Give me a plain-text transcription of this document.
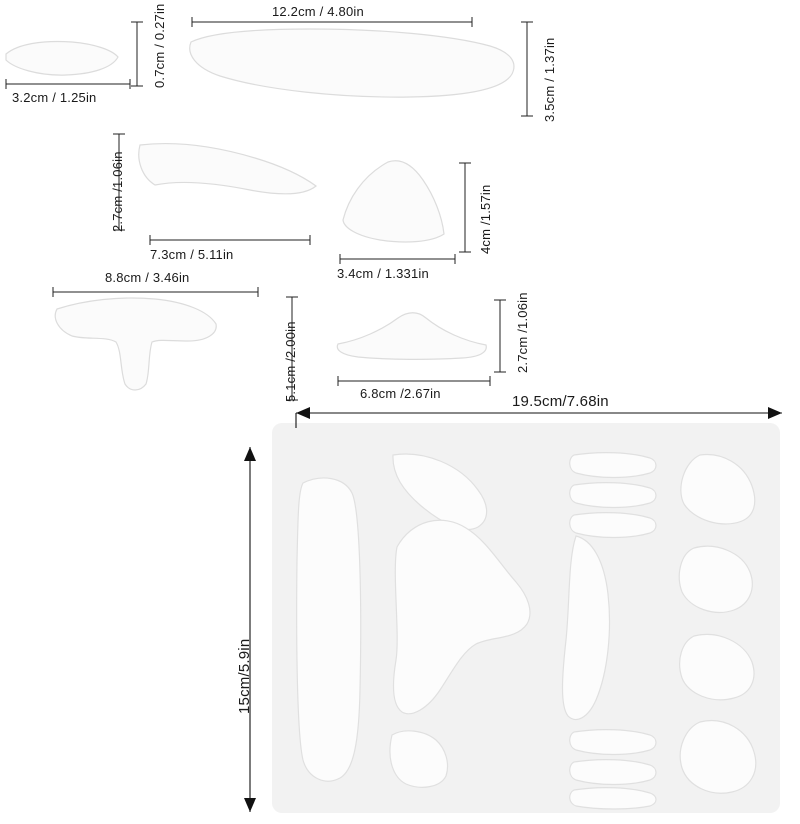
3.2cm / 1.25in
0.7cm / 0.27in	12.2cm / 4.80in
3.5cm / 1.37in
2.7cm /1.06in
7.3cm / 5.11in
4cm /1.57in
3.4cm / 1.331in
8.8cm / 3.46in
5.1cm /2.00in	2.7cm /1.06in
6.8cm /2.67in	19.5cm/7.68in
15cm/5.9in
